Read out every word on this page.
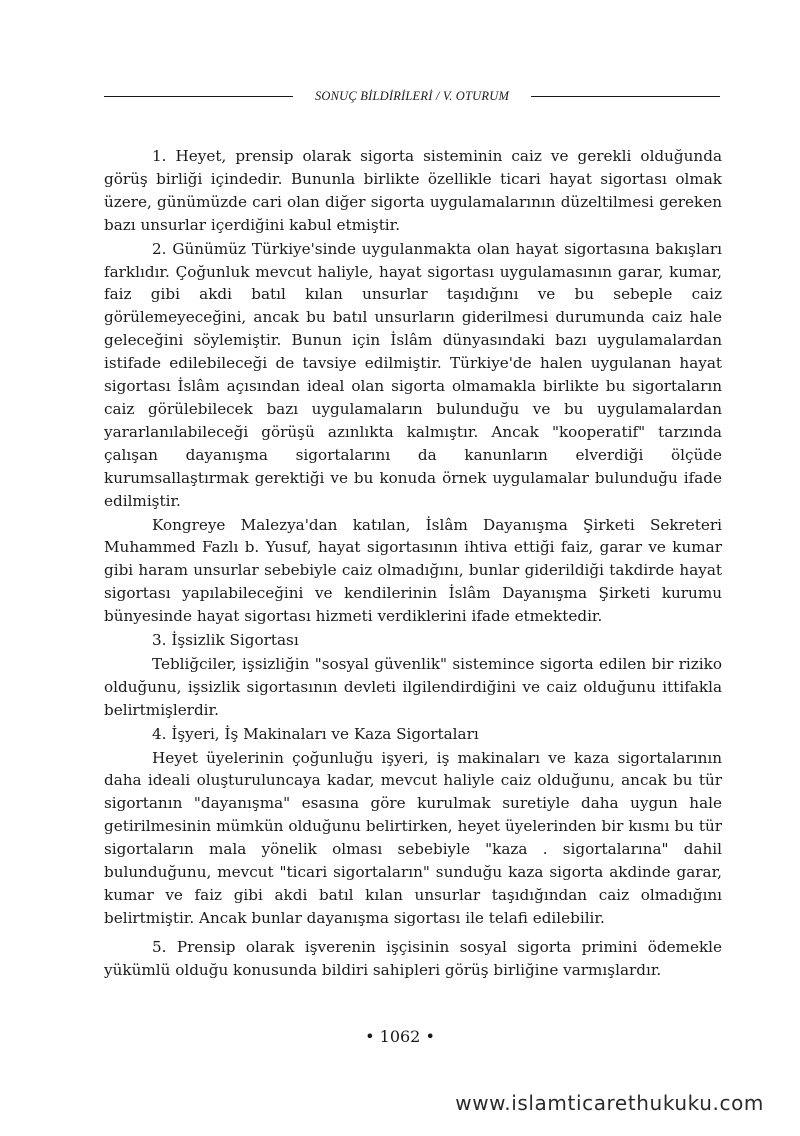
SONUÇ BİLDİRİLERİ / V. OTURUM

1. Heyet, prensip olarak sigorta sisteminin caiz ve gerekli olduğunda görüş birliği içindedir. Bununla birlikte özellikle ticari hayat sigortası olmak üzere, günümüzde cari olan diğer sigorta uygulamalarının düzeltilmesi gereken bazı unsurlar içerdiğini kabul etmiştir.

2. Günümüz Türkiye'sinde uygulanmakta olan hayat sigortasına bakışları farklıdır. Çoğunluk mevcut haliyle, hayat sigortası uygulamasının garar, kumar, faiz gibi akdi batıl kılan unsurlar taşıdığını ve bu sebeple caiz görülemeyeceğini, ancak bu batıl unsurların giderilmesi durumunda caiz hale geleceğini söylemiştir. Bunun için İslâm dünyasındaki bazı uygulamalardan istifade edilebileceği de tavsiye edilmiştir. Türkiye'de halen uygulanan hayat sigortası İslâm açısından ideal olan sigorta olmamakla birlikte bu sigortaların caiz görülebilecek bazı uygulamaların bulunduğu ve bu uygulamalardan yararlanılabileceği görüşü azınlıkta kalmıştır. Ancak "kooperatif" tarzında çalışan dayanışma sigortalarını da kanunların elverdiği ölçüde kurumsallaştırmak gerektiği ve bu konuda örnek uygulamalar bulunduğu ifade edilmiştir.

Kongreye Malezya'dan katılan, İslâm Dayanışma Şirketi Sekreteri Muhammed Fazlı b. Yusuf, hayat sigortasının ihtiva ettiği faiz, garar ve kumar gibi haram unsurlar sebebiyle caiz olmadığını, bunlar giderildiği takdirde hayat sigortası yapılabileceğini ve kendilerinin İslâm Dayanışma Şirketi kurumu bünyesinde hayat sigortası hizmeti verdiklerini ifade etmektedir.

3. İşsizlik Sigortası

Tebliğciler, işsizliğin "sosyal güvenlik" sistemince sigorta edilen bir riziko olduğunu, işsizlik sigortasının devleti ilgilendirdiğini ve caiz olduğunu ittifakla belirtmişlerdir.

4. İşyeri, İş Makinaları ve Kaza Sigortaları

Heyet üyelerinin çoğunluğu işyeri, iş makinaları ve kaza sigortalarının daha ideali oluşturuluncaya kadar, mevcut haliyle caiz olduğunu, ancak bu tür sigortanın "dayanışma" esasına göre kurulmak suretiyle daha uygun hale getirilmesinin mümkün olduğunu belirtirken, heyet üyelerinden bir kısmı bu tür sigortaların mala yönelik olması sebebiyle "kaza . sigortalarına" dahil bulunduğunu, mevcut "ticari sigortaların" sunduğu kaza sigorta akdinde garar, kumar ve faiz gibi akdi batıl kılan unsurlar taşıdığından caiz olmadığını belirtmiştir. Ancak bunlar dayanışma sigortası ile telafi edilebilir.

5. Prensip olarak işverenin işçisinin sosyal sigorta primini ödemekle yükümlü olduğu konusunda bildiri sahipleri görüş birliğine varmışlardır.

• 1062 •
www.islamticarethukuku.com
